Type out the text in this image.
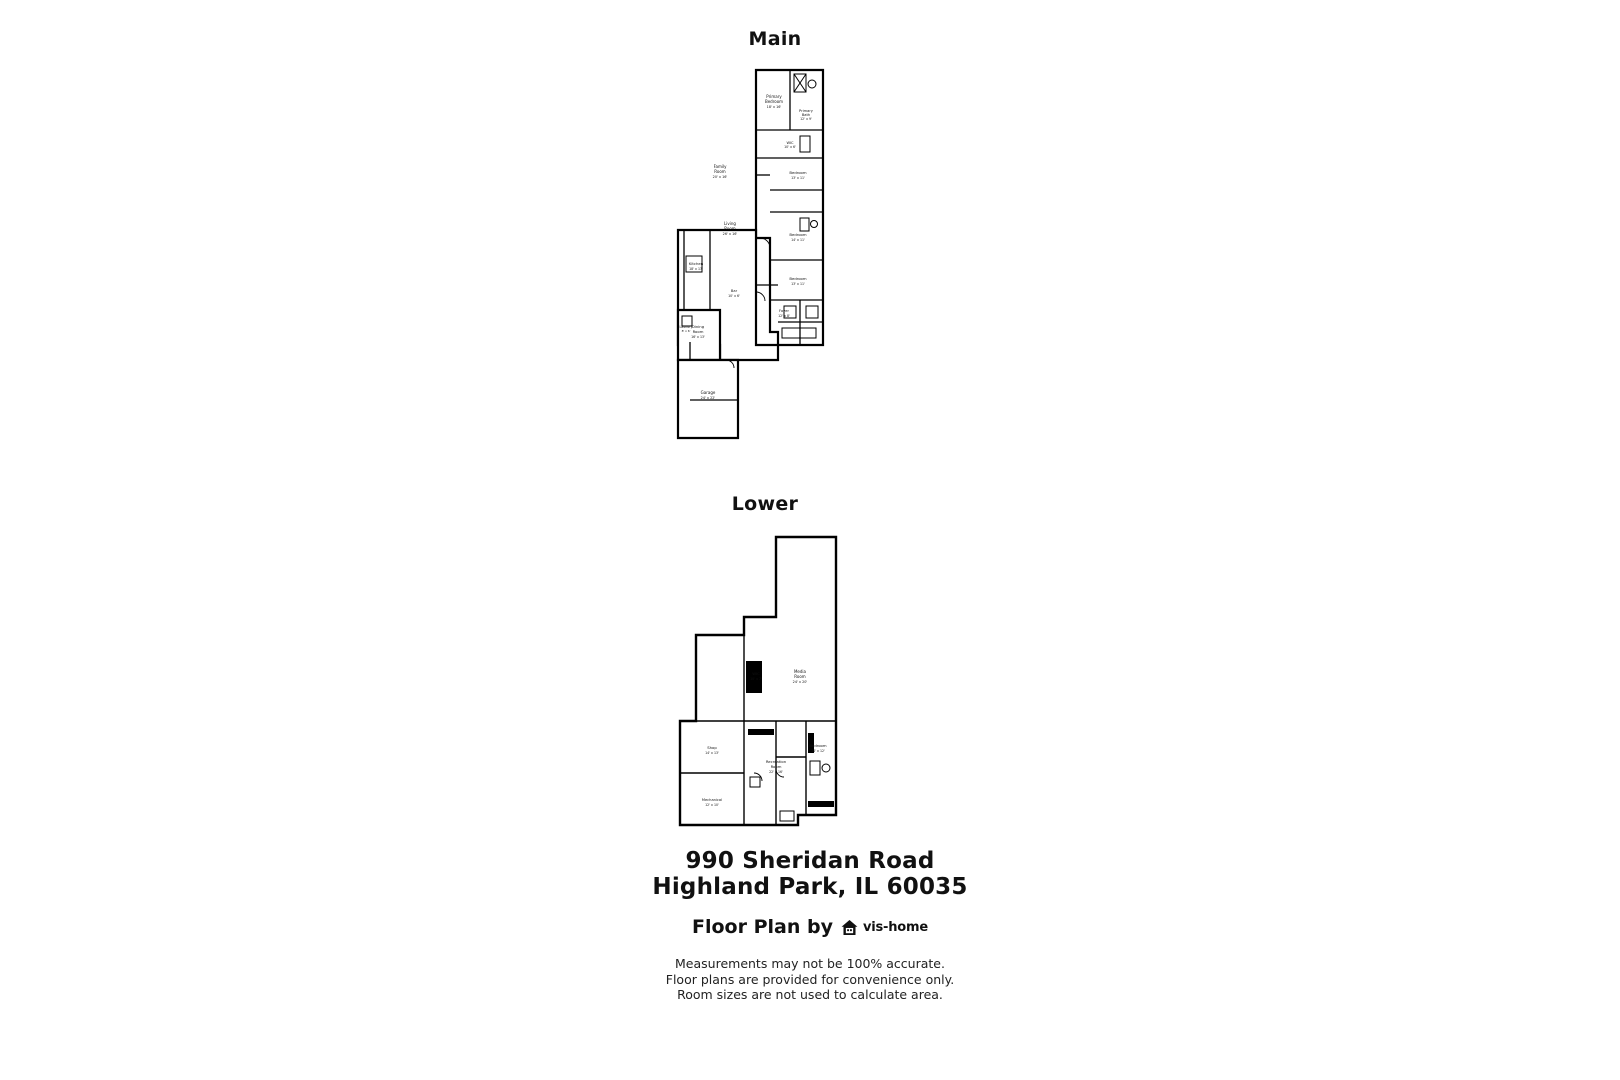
Main
Primary
Bedroom
18' x 16'
Primary
Bath
12' x 9'
WIC
10' x 6'
Family
Room
20' x 16'
Bedroom
13' x 11'
Living
Room
26' x 16'	Bedroom
14' x 11'
Bedroom
13' x 11'
Kitchen
18' x 13'
Bar
10' x 6'
Foyer
12' x 8'
Dining
Room
16' x 13'
Laundry
8' x 6'
Garage
24' x 22'
Lower
WIC
10' x 7'
Media
Room
24' x 20'
Shop
14' x 13'
Recreation
Room
22' x 16'
Bedroom
14' x 12'
Mechanical
12' x 10'
990 Sheridan Road
Highland Park, IL 60035
Floor Plan by vis-home
Measurements may not be 100% accurate.
Floor plans are provided for convenience only.
Room sizes are not used to calculate area.
